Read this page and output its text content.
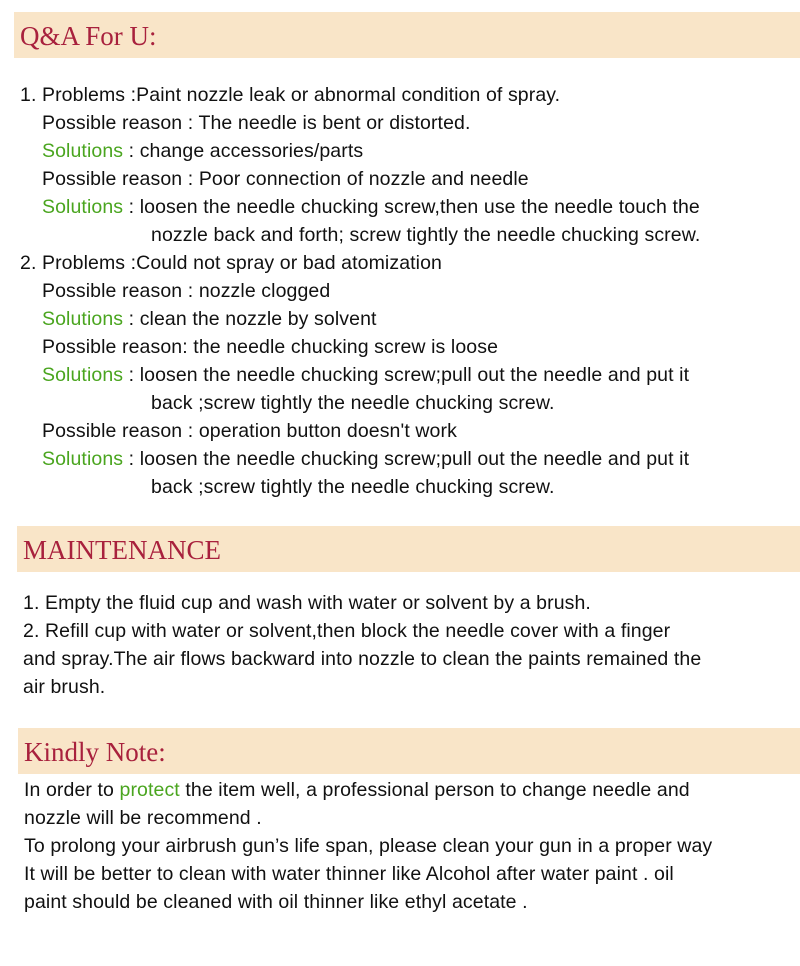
Q&A For U:
1. Problems :Paint nozzle leak or abnormal condition of spray.
Possible reason : The needle is bent or distorted.
Solutions : change accessories/parts
Possible reason : Poor connection of nozzle and needle
Solutions : loosen the needle chucking screw,then use the needle touch the
nozzle back and forth; screw tightly the needle chucking screw.
2. Problems :Could not spray or bad atomization
Possible reason : nozzle clogged
Solutions : clean the nozzle by solvent
Possible reason: the needle chucking screw is loose
Solutions : loosen the needle chucking screw;pull out the needle and put it
back ;screw tightly the needle chucking screw.
Possible reason : operation button doesn't work
Solutions : loosen the needle chucking screw;pull out the needle and put it
back ;screw tightly the needle chucking screw.
MAINTENANCE
1. Empty the fluid cup and wash with water or solvent by a brush.
2. Refill cup with water or solvent,then block the needle cover with a finger
and spray.The air flows backward into nozzle to clean the paints remained the
air brush.
Kindly Note:
In order to protect the item well, a professional person to change needle and
nozzle will be recommend .
To prolong your airbrush gun’s life span, please clean your gun in a proper way
It will be better to clean with water thinner like Alcohol after water paint . oil
paint should be cleaned with oil thinner like ethyl acetate .
